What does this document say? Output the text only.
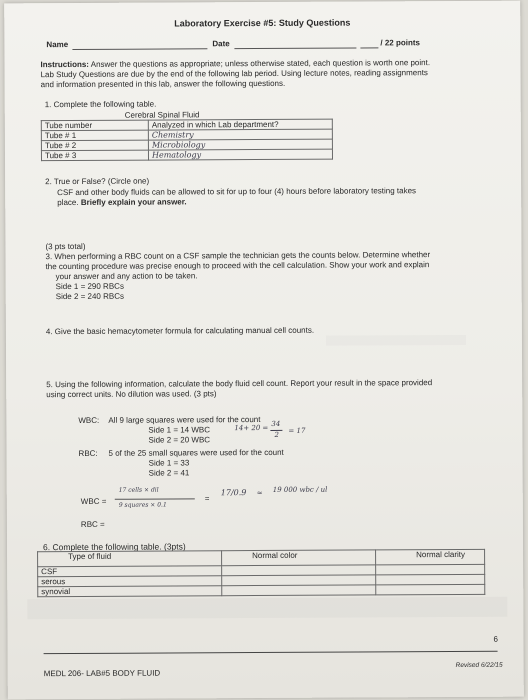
Laboratory Exercise #5: Study Questions
Name	Date	/ 22 points
Instructions: Answer the questions as appropriate; unless otherwise stated, each question is worth one point.
Lab Study Questions are due by the end of the following lab period. Using lecture notes, reading assignments
and information presented in this lab, answer the following questions.
1. Complete the following table.
Cerebral Spinal Fluid
Tube number	Analyzed in which Lab department?
Tube # 1	Chemistry
Tube # 2	Microbiology
Tube # 3	Hematology
2. True or False? (Circle one)
CSF and other body fluids can be allowed to sit for up to four (4) hours before laboratory testing takes
place. Briefly explain your answer.
(3 pts total)
3. When performing a RBC count on a CSF sample the technician gets the counts below. Determine whether
the counting procedure was precise enough to proceed with the cell calculation. Show your work and explain
your answer and any action to be taken.
Side 1 = 290 RBCs
Side 2 = 240 RBCs
4. Give the basic hemacytometer formula for calculating manual cell counts.
5. Using the following information, calculate the body fluid cell count. Report your result in the space provided
using correct units. No dilution was used. (3 pts)
WBC: All 9 large squares were used for the count
Side 1 = 14 WBC
Side 2 = 20 WBC
14+ 20 =
34
2
= 17
RBC: 5 of the 25 small squares were used for the count
Side 1 = 33
Side 2 = 41
WBC =
17 cells × dil
9 squares × 0.1
=
17/0.9 ≈ 19 000 wbc / ul
RBC =
6. Complete the following table. (3pts)
Type of fluid	Normal color	Normal clarity
CSF		
serous		
synovial		
6
MEDL 206- LAB#5 BODY FLUID
Revised 6/22/15
